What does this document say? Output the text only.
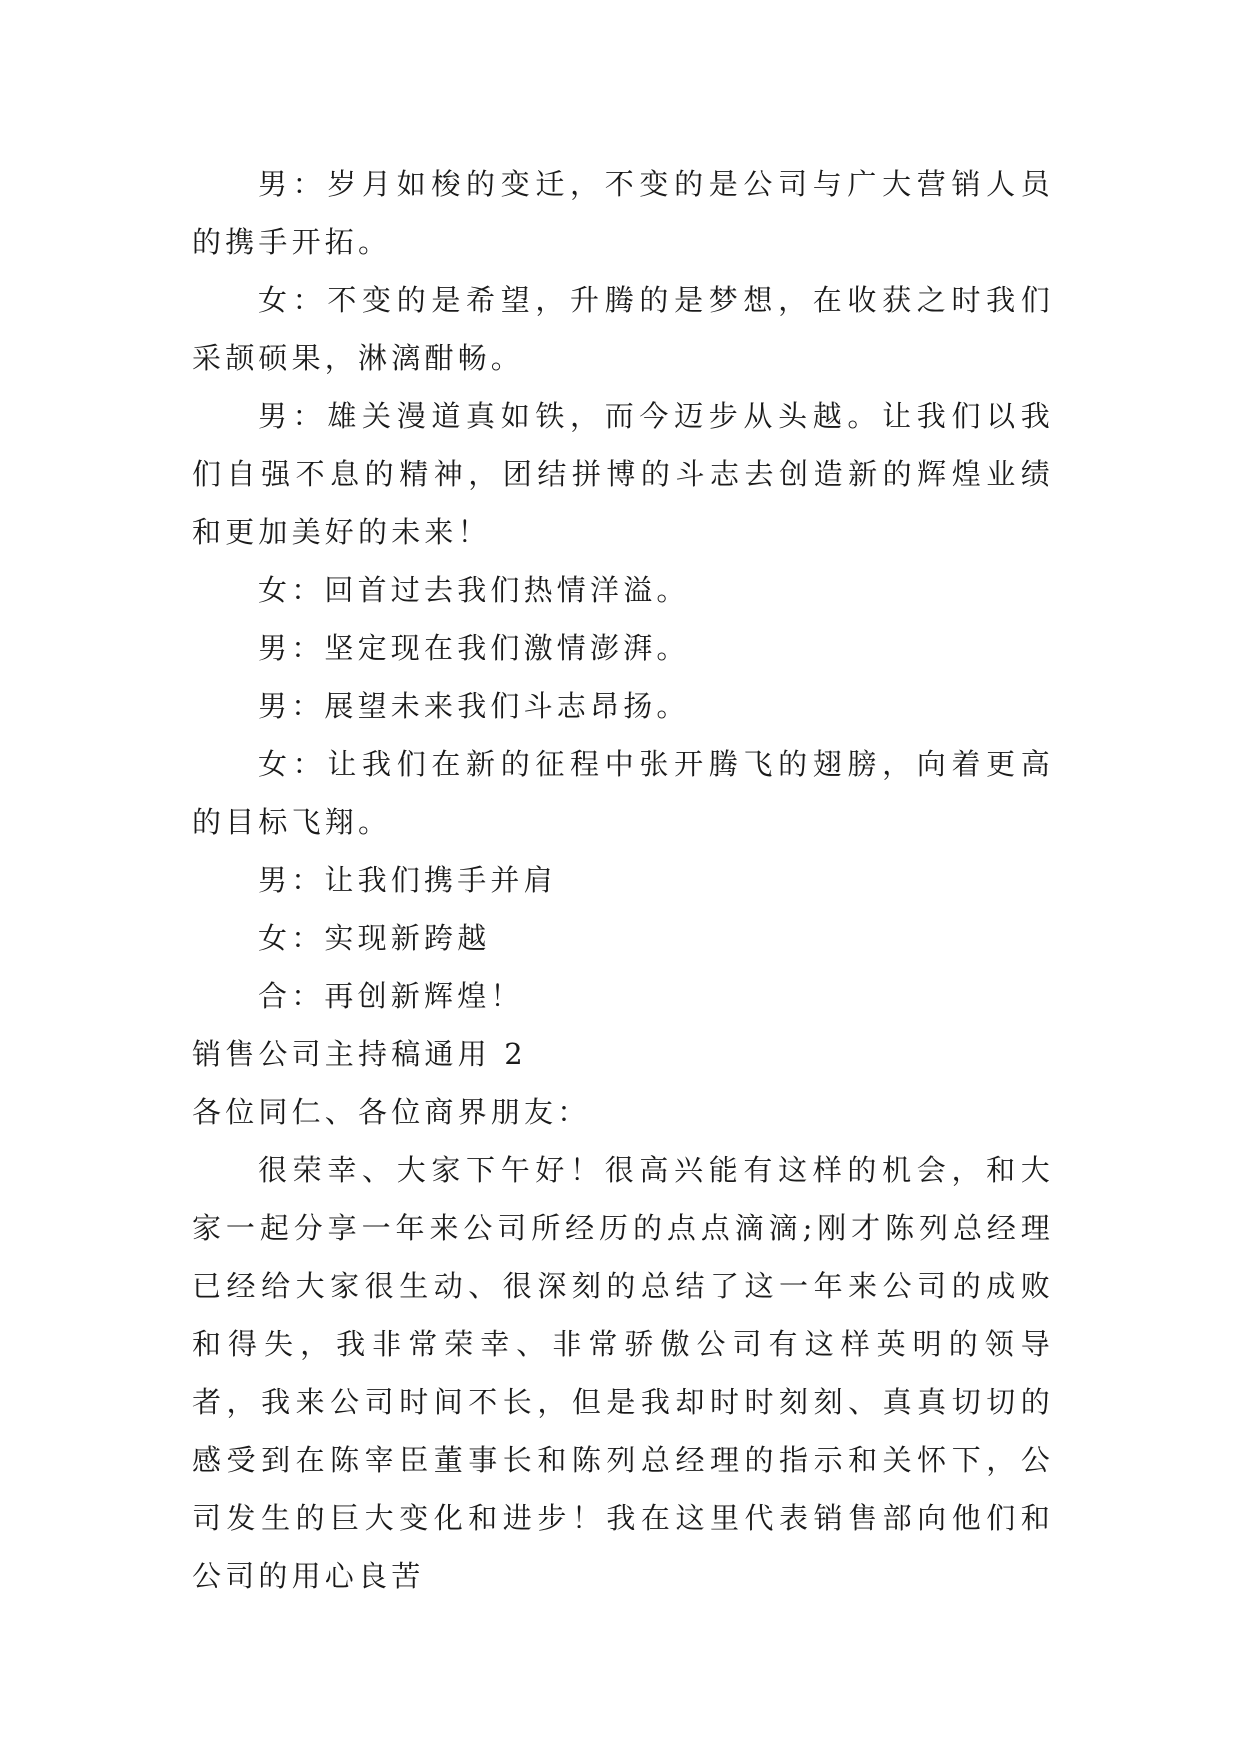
男：岁月如梭的变迁，不变的是公司与广大营销人员的携手开拓。

女：不变的是希望，升腾的是梦想，在收获之时我们采颉硕果，淋漓酣畅。

男：雄关漫道真如铁，而今迈步从头越。让我们以我们自强不息的精神，团结拼博的斗志去创造新的辉煌业绩和更加美好的未来！

女：回首过去我们热情洋溢。

男：坚定现在我们激情澎湃。

男：展望未来我们斗志昂扬。

女：让我们在新的征程中张开腾飞的翅膀，向着更高的目标飞翔。

男：让我们携手并肩

女：实现新跨越

合：再创新辉煌！

销售公司主持稿通用 2

各位同仁、各位商界朋友：

很荣幸、大家下午好！很高兴能有这样的机会，和大家一起分享一年来公司所经历的点点滴滴;刚才陈列总经理已经给大家很生动、很深刻的总结了这一年来公司的成败和得失，我非常荣幸、非常骄傲公司有这样英明的领导者，我来公司时间不长，但是我却时时刻刻、真真切切的感受到在陈宰臣董事长和陈列总经理的指示和关怀下，公司发生的巨大变化和进步！我在这里代表销售部向他们和公司的用心良苦
